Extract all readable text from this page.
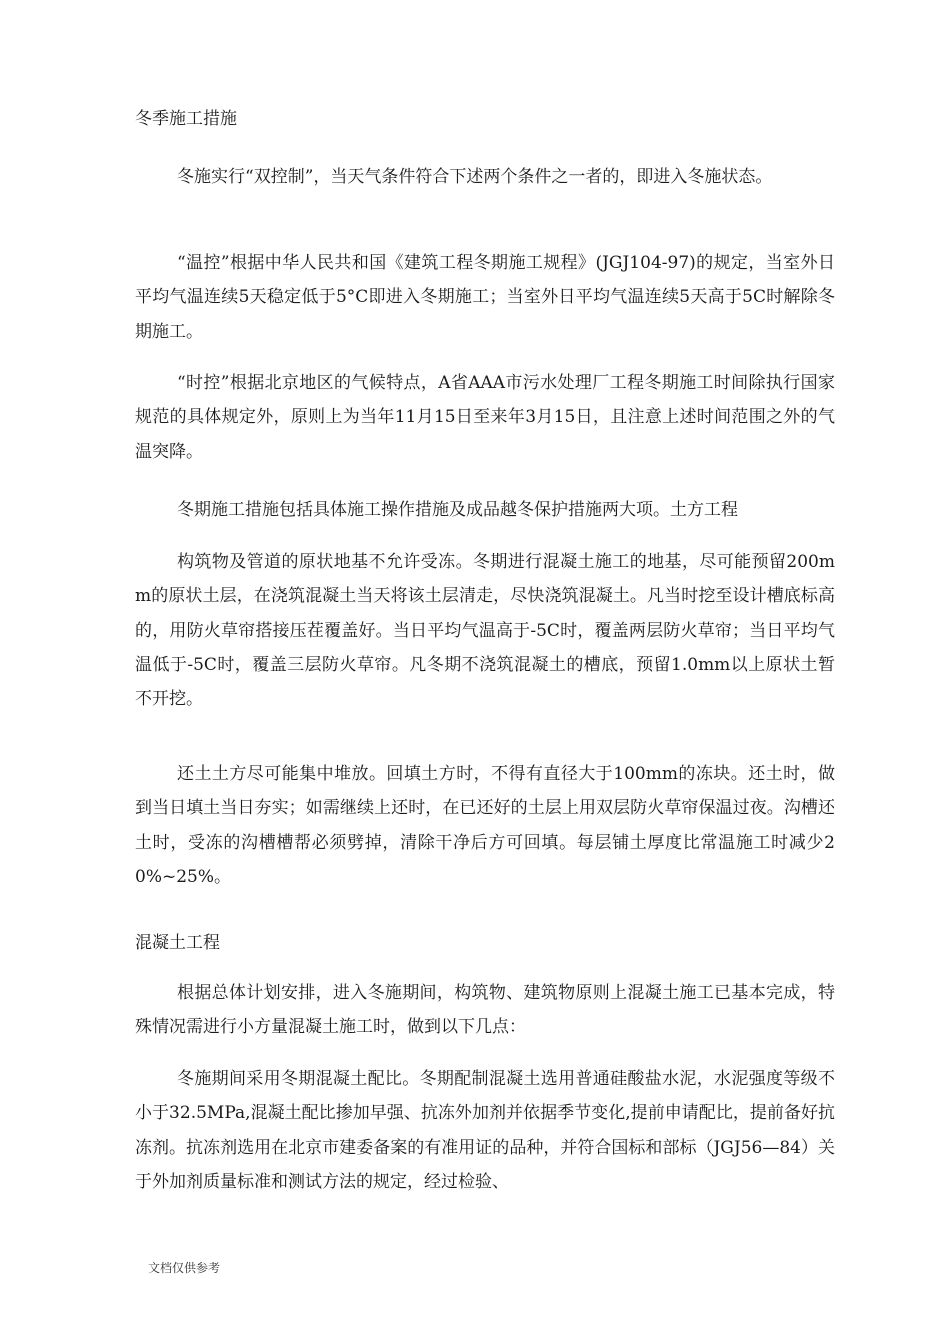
冬季施工措施

冬施实行“双控制”，当天气条件符合下述两个条件之一者的，即进入冬施状态。

“温控”根据中华人民共和国《建筑工程冬期施工规程》(JGJ104-97)的规定，当室外日平均气温连续5天稳定低于5°C即进入冬期施工；当室外日平均气温连续5天高于5C时解除冬期施工。

“时控”根据北京地区的气候特点，A省AAA市污水处理厂工程冬期施工时间除执行国家规范的具体规定外，原则上为当年11月15日至来年3月15日，且注意上述时间范围之外的气温突降。

冬期施工措施包括具体施工操作措施及成品越冬保护措施两大项。土方工程

构筑物及管道的原状地基不允许受冻。冬期进行混凝土施工的地基，尽可能预留200mm的原状土层，在浇筑混凝土当天将该土层清走，尽快浇筑混凝土。凡当时挖至设计槽底标高的，用防火草帘搭接压茬覆盖好。当日平均气温高于-5C时，覆盖两层防火草帘；当日平均气温低于-5C时，覆盖三层防火草帘。凡冬期不浇筑混凝土的槽底，预留1.0mm以上原状土暂不开挖。

还土土方尽可能集中堆放。回填土方时，不得有直径大于100mm的冻块。还土时，做到当日填土当日夯实；如需继续上还时，在已还好的土层上用双层防火草帘保温过夜。沟槽还土时，受冻的沟槽槽帮必须劈掉，清除干净后方可回填。每层铺土厚度比常温施工时减少20%~25%。

混凝土工程

根据总体计划安排，进入冬施期间，构筑物、建筑物原则上混凝土施工已基本完成，特殊情况需进行小方量混凝土施工时，做到以下几点：

冬施期间采用冬期混凝土配比。冬期配制混凝土选用普通硅酸盐水泥，水泥强度等级不小于32.5MPa,混凝土配比掺加早强、抗冻外加剂并依据季节变化,提前申请配比，提前备好抗冻剂。抗冻剂选用在北京市建委备案的有准用证的品种，并符合国标和部标（JGJ56—84）关于外加剂质量标准和测试方法的规定，经过检验、

文档仅供参考
